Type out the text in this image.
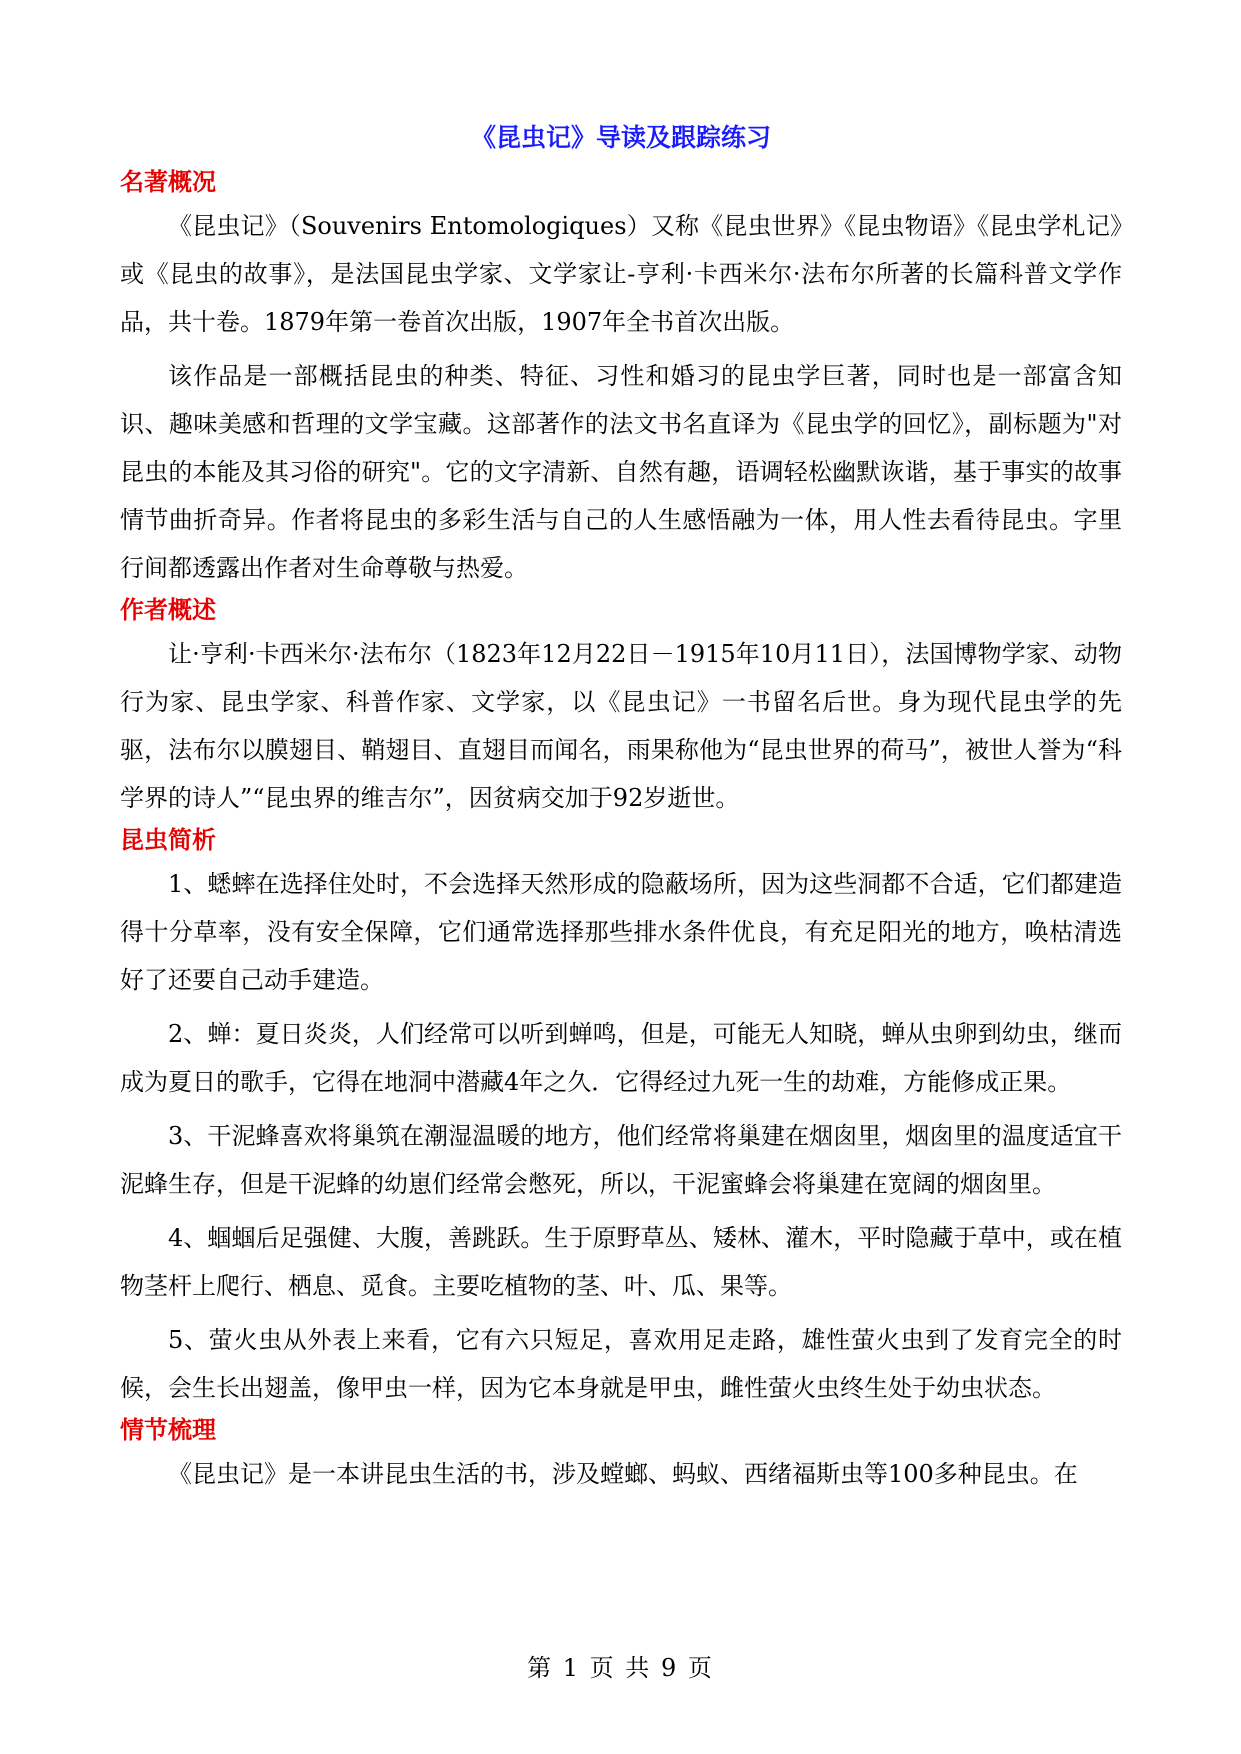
《昆虫记》导读及跟踪练习
名著概况

《昆虫记》（Souvenirs Entomologiques）又称《昆虫世界》《昆虫物语》《昆虫学札记》或《昆虫的故事》，是法国昆虫学家、文学家让-亨利·卡西米尔·法布尔所著的长篇科普文学作品，共十卷。1879年第一卷首次出版，1907年全书首次出版。

该作品是一部概括昆虫的种类、特征、习性和婚习的昆虫学巨著，同时也是一部富含知识、趣味美感和哲理的文学宝藏。这部著作的法文书名直译为《昆虫学的回忆》，副标题为"对昆虫的本能及其习俗的研究"。它的文字清新、自然有趣，语调轻松幽默诙谐，基于事实的故事情节曲折奇异。作者将昆虫的多彩生活与自己的人生感悟融为一体，用人性去看待昆虫。字里行间都透露出作者对生命尊敬与热爱。

作者概述

让·亨利·卡西米尔·法布尔（1823年12月22日－1915年10月11日），法国博物学家、动物行为家、昆虫学家、科普作家、文学家，以《昆虫记》一书留名后世。身为现代昆虫学的先驱，法布尔以膜翅目、鞘翅目、直翅目而闻名，雨果称他为“昆虫世界的荷马”，被世人誉为“科学界的诗人”“昆虫界的维吉尔”，因贫病交加于92岁逝世。

昆虫简析

1、蟋蟀在选择住处时，不会选择天然形成的隐蔽场所，因为这些洞都不合适，它们都建造得十分草率，没有安全保障，它们通常选择那些排水条件优良，有充足阳光的地方，唤枯清选好了还要自己动手建造。

2、蝉：夏日炎炎，人们经常可以听到蝉鸣，但是，可能无人知晓，蝉从虫卵到幼虫，继而成为夏日的歌手，它得在地洞中潜藏4年之久．它得经过九死一生的劫难，方能修成正果。

3、干泥蜂喜欢将巢筑在潮湿温暖的地方，他们经常将巢建在烟囱里，烟囱里的温度适宜干泥蜂生存，但是干泥蜂的幼崽们经常会憋死，所以，干泥蜜蜂会将巢建在宽阔的烟囱里。

4、蝈蝈后足强健、大腹，善跳跃。生于原野草丛、矮林、灌木，平时隐藏于草中，或在植物茎杆上爬行、栖息、觅食。主要吃植物的茎、叶、瓜、果等。

5、萤火虫从外表上来看，它有六只短足，喜欢用足走路，雄性萤火虫到了发育完全的时候，会生长出翅盖，像甲虫一样，因为它本身就是甲虫，雌性萤火虫终生处于幼虫状态。

情节梳理

《昆虫记》是一本讲昆虫生活的书，涉及螳螂、蚂蚁、西绪福斯虫等100多种昆虫。在

第 1 页 共 9 页
